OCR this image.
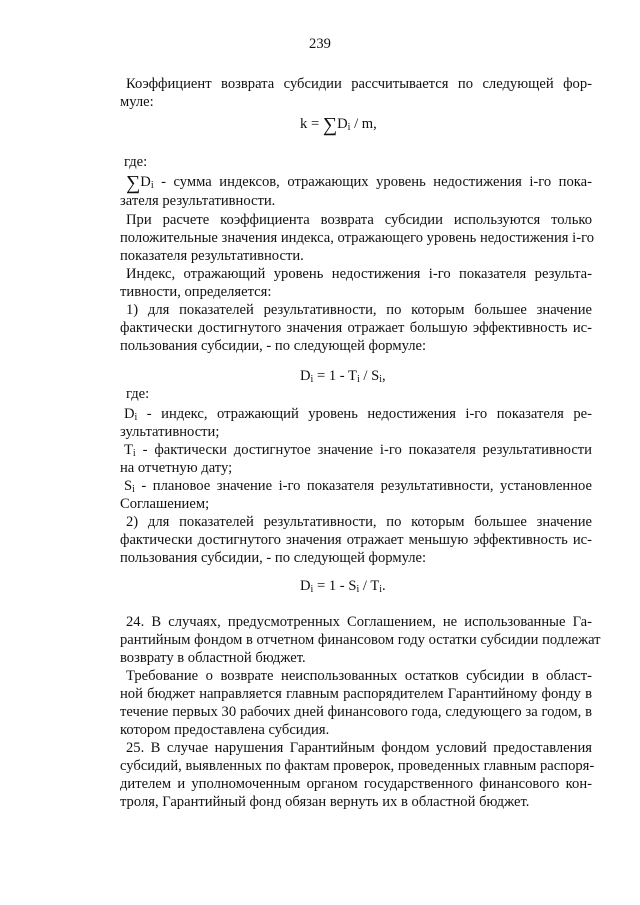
239
Коэффициент возврата субсидии рассчитывается по следующей фор-
муле:
$k = \sum D_i / m$,
где:
$\sum D_i$ - сумма индексов, отражающих уровень недостижения i-го пока-
зателя результативности.
При расчете коэффициента возврата субсидии используются только
положительные значения индекса, отражающего уровень недостижения i-го
показателя результативности.
Индекс, отражающий уровень недостижения i-го показателя результа-
тивности, определяется:
1) для показателей результативности, по которым большее значение
фактически достигнутого значения отражает большую эффективность ис-
пользования субсидии, - по следующей формуле:
$D_i = 1 - T_i / S_i$,
где:
$D_i$ - индекс, отражающий уровень недостижения i-го показателя ре-
зультативности;
$T_i$ - фактически достигнутое значение i-го показателя результативности
на отчетную дату;
$S_i$ - плановое значение i-го показателя результативности, установленное
Соглашением;
2) для показателей результативности, по которым большее значение
фактически достигнутого значения отражает меньшую эффективность ис-
пользования субсидии, - по следующей формуле:
$D_i = 1 - S_i / T_i$.
24. В случаях, предусмотренных Соглашением, не использованные Га-
рантийным фондом в отчетном финансовом году остатки субсидии подлежат
возврату в областной бюджет.
Требование о возврате неиспользованных остатков субсидии в област-
ной бюджет направляется главным распорядителем Гарантийному фонду в
течение первых 30 рабочих дней финансового года, следующего за годом, в
котором предоставлена субсидия.
25. В случае нарушения Гарантийным фондом условий предоставления
субсидий, выявленных по фактам проверок, проведенных главным распоря-
дителем и уполномоченным органом государственного финансового кон-
троля, Гарантийный фонд обязан вернуть их в областной бюджет.
